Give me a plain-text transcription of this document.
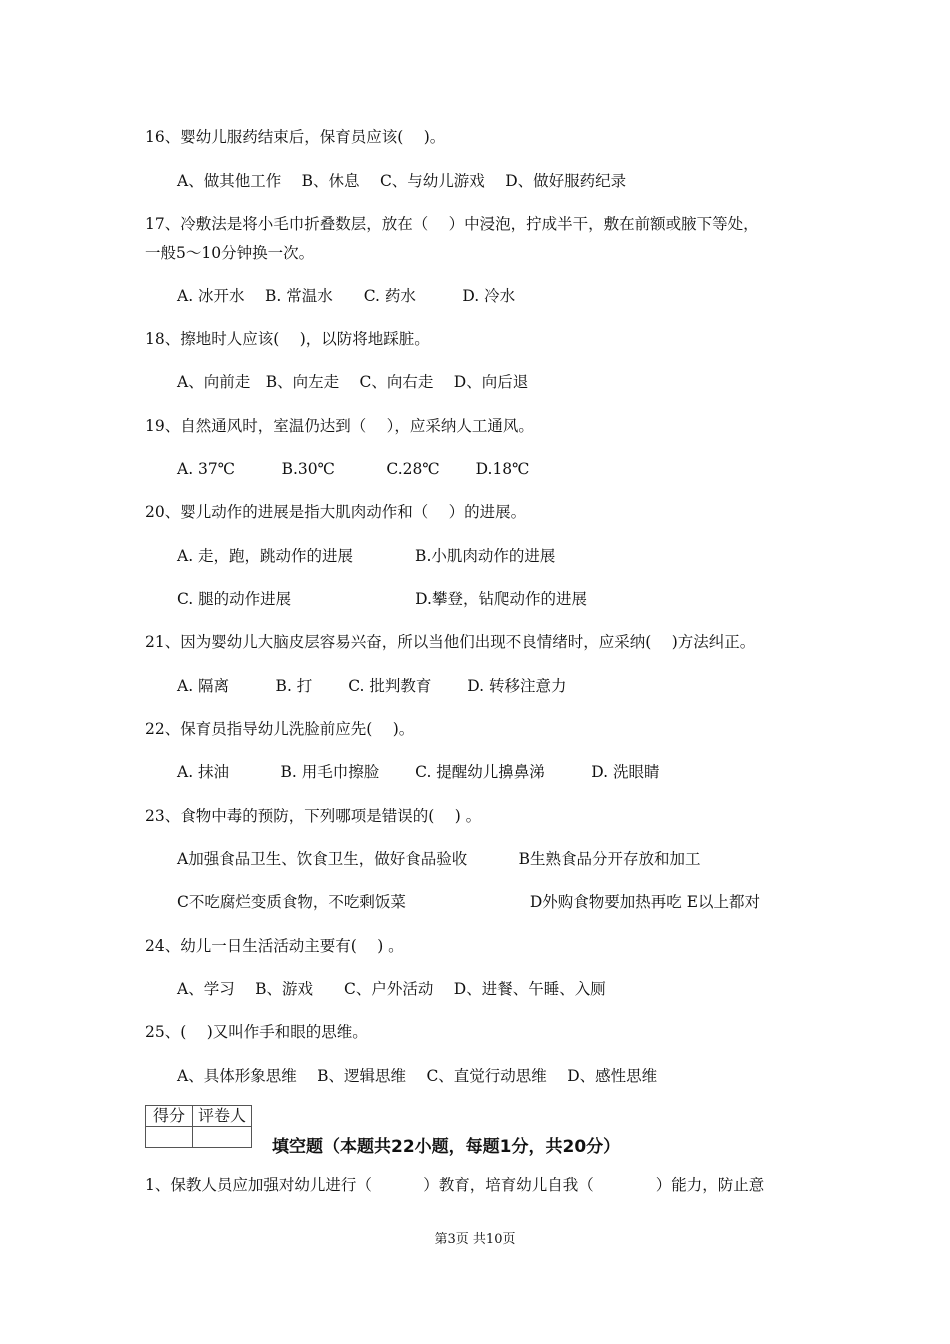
16、婴幼儿服药结束后，保育员应该(　 )。
A、做其他工作　 B、休息　 C、与幼儿游戏　 D、做好服药纪录
17、冷敷法是将小毛巾折叠数层，放在（　 ）中浸泡，拧成半干，敷在前额或腋下等处，
一般5～10分钟换一次。
A. 冰开水　 B. 常温水　　C. 药水　　　D. 冷水
18、擦地时人应该(　 )，以防将地踩脏。
A、向前走　B、向左走　 C、向右走　 D、向后退
19、自然通风时，室温仍达到（　 ），应采纳人工通风。
A. 37℃　　　B.30℃　　　 C.28℃　　 D.18℃
20、婴儿动作的进展是指大肌肉动作和（　 ）的进展。
A. 走，跑，跳动作的进展　　　　B.小肌肉动作的进展
C. 腿的动作进展　　　　　　　　D.攀登，钻爬动作的进展
21、因为婴幼儿大脑皮层容易兴奋，所以当他们出现不良情绪时，应采纳(　 )方法纠正。
A. 隔离　　　B. 打　　 C. 批判教育　　 D. 转移注意力
22、保育员指导幼儿洗脸前应先(　 )。
A. 抹油　　　 B. 用毛巾擦脸　　 C. 提醒幼儿擤鼻涕　　　D. 洗眼睛
23、食物中毒的预防，下列哪项是错误的(　 ) 。
A加强食品卫生、饮食卫生，做好食品验收　　　 B生熟食品分开存放和加工
C不吃腐烂变质食物，不吃剩饭菜　　　　　　　　D外购食物要加热再吃 E以上都对
24、幼儿一日生活活动主要有(　 ) 。
A、学习　 B、游戏　　C、户外活动　 D、进餐、午睡、入厕
25、(　 )又叫作手和眼的思维。
A、具体形象思维　 B、逻辑思维　 C、直觉行动思维　 D、感性思维
得分	评卷人

填空题（本题共22小题，每题1分，共20分）
1、保教人员应加强对幼儿进行（　　　 ）教育，培育幼儿自我（　　　　）能力，防止意
第3页 共10页
